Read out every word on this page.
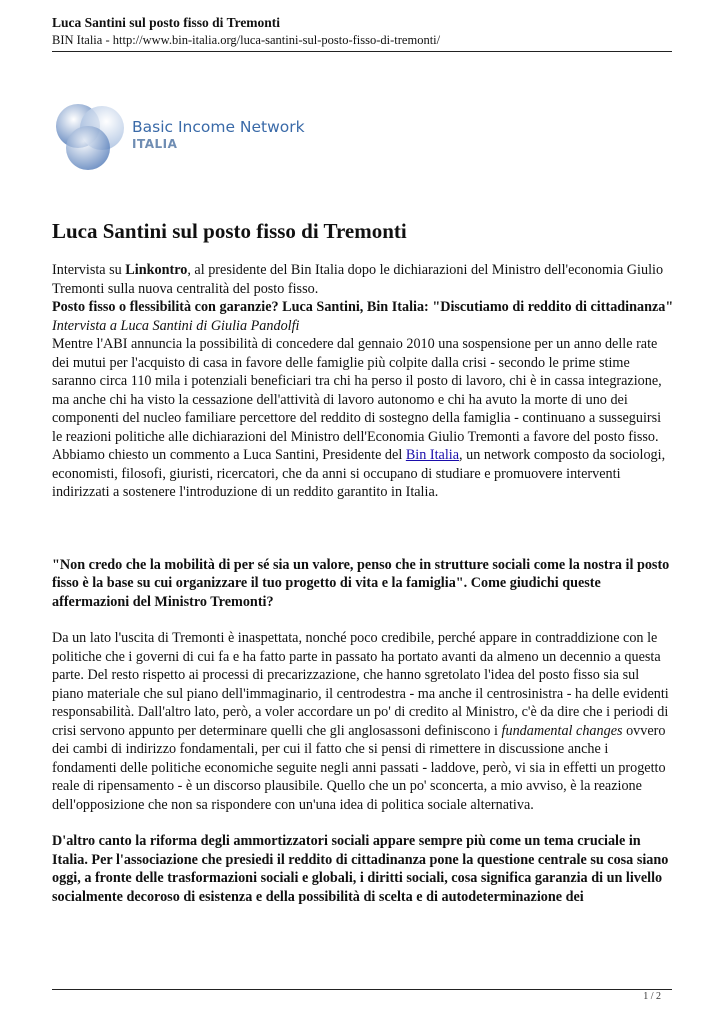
Luca Santini sul posto fisso di Tremonti
BIN Italia - http://www.bin-italia.org/luca-santini-sul-posto-fisso-di-tremonti/
Basic Income Network
ITALIA
Luca Santini sul posto fisso di Tremonti

Intervista su Linkontro, al presidente del Bin Italia dopo le dichiarazioni del Ministro dell'economia Giulio Tremonti sulla nuova centralità del posto fisso.

Posto fisso o flessibilità con garanzie? Luca Santini, Bin Italia: "Discutiamo di reddito di cittadinanza"

Intervista a Luca Santini di Giulia Pandolfi

Mentre l'ABI annuncia la possibilità di concedere dal gennaio 2010 una sospensione per un anno delle rate dei mutui per l'acquisto di casa in favore delle famiglie più colpite dalla crisi - secondo le prime stime saranno circa 110 mila i potenziali beneficiari tra chi ha perso il posto di lavoro, chi è in cassa integrazione, ma anche chi ha visto la cessazione dell'attività di lavoro autonomo e chi ha avuto la morte di uno dei componenti del nucleo familiare percettore del reddito di sostegno della famiglia - continuano a susseguirsi le reazioni politiche alle dichiarazioni del Ministro dell'Economia Giulio Tremonti a favore del posto fisso. Abbiamo chiesto un commento a Luca Santini, Presidente del Bin Italia, un network composto da sociologi, economisti, filosofi, giuristi, ricercatori, che da anni si occupano di studiare e promuovere interventi indirizzati a sostenere l'introduzione di un reddito garantito in Italia.

"Non credo che la mobilità di per sé sia un valore, penso che in strutture sociali come la nostra il posto fisso è la base su cui organizzare il tuo progetto di vita e la famiglia". Come giudichi queste affermazioni del Ministro Tremonti?

Da un lato l'uscita di Tremonti è inaspettata, nonché poco credibile, perché appare in contraddizione con le politiche che i governi di cui fa e ha fatto parte in passato ha portato avanti da almeno un decennio a questa parte. Del resto rispetto ai processi di precarizzazione, che hanno sgretolato l'idea del posto fisso sia sul piano materiale che sul piano dell'immaginario, il centrodestra - ma anche il centrosinistra - ha delle evidenti responsabilità. Dall'altro lato, però, a voler accordare un po' di credito al Ministro, c'è da dire che i periodi di crisi servono appunto per determinare quelli che gli anglosassoni definiscono i fundamental changes ovvero dei cambi di indirizzo fondamentali, per cui il fatto che si pensi di rimettere in discussione anche i fondamenti delle politiche economiche seguite negli anni passati - laddove, però, vi sia in effetti un progetto reale di ripensamento - è un discorso plausibile. Quello che un po' sconcerta, a mio avviso, è la reazione dell'opposizione che non sa rispondere con un'una idea di politica sociale alternativa.

D'altro canto la riforma degli ammortizzatori sociali appare sempre più come un tema cruciale in Italia. Per l'associazione che presiedi il reddito di cittadinanza pone la questione centrale su cosa siano oggi, a fronte delle trasformazioni sociali e globali, i diritti sociali, cosa significa garanzia di un livello socialmente decoroso di esistenza e della possibilità di scelta e di autodeterminazione dei

1 / 2
